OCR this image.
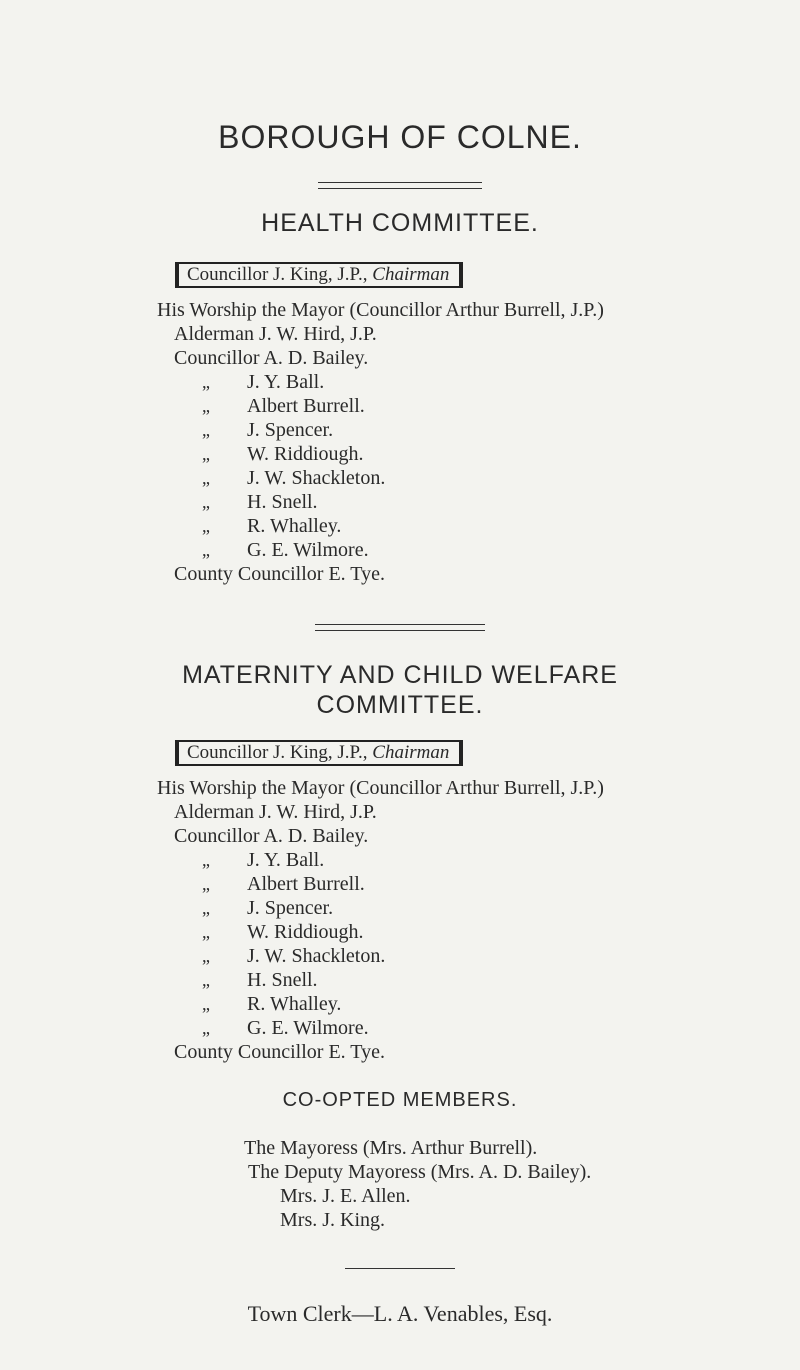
BOROUGH OF COLNE.
HEALTH COMMITTEE.
Councillor J. King, J.P., Chairman
His Worship the Mayor (Councillor Arthur Burrell, J.P.)
Alderman J. W. Hird, J.P.
Councillor A. D. Bailey.
„ J. Y. Ball.
„ Albert Burrell.
„ J. Spencer.
„ W. Riddiough.
„ J. W. Shackleton.
„ H. Snell.
„ R. Whalley.
„ G. E. Wilmore.
County Councillor E. Tye.
MATERNITY AND CHILD WELFARE
COMMITTEE.
Councillor J. King, J.P., Chairman
His Worship the Mayor (Councillor Arthur Burrell, J.P.)
Alderman J. W. Hird, J.P.
Councillor A. D. Bailey.
„ J. Y. Ball.
„ Albert Burrell.
„ J. Spencer.
„ W. Riddiough.
„ J. W. Shackleton.
„ H. Snell.
„ R. Whalley.
„ G. E. Wilmore.
County Councillor E. Tye.
CO-OPTED MEMBERS.
The Mayoress (Mrs. Arthur Burrell).
The Deputy Mayoress (Mrs. A. D. Bailey).
Mrs. J. E. Allen.
Mrs. J. King.
Town Clerk—L. A. Venables, Esq.
